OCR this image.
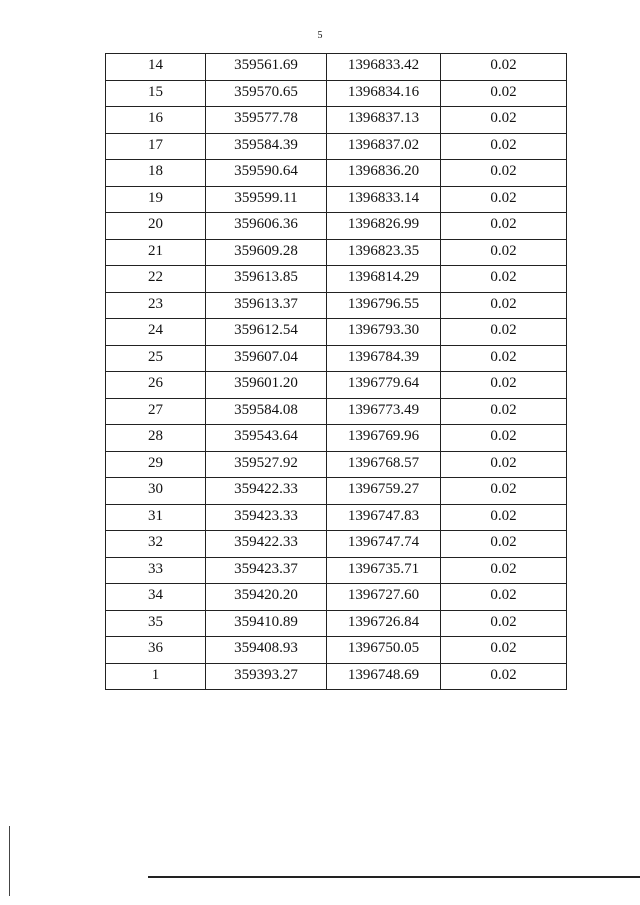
5
14	359561.69	1396833.42	0.02
15	359570.65	1396834.16	0.02
16	359577.78	1396837.13	0.02
17	359584.39	1396837.02	0.02
18	359590.64	1396836.20	0.02
19	359599.11	1396833.14	0.02
20	359606.36	1396826.99	0.02
21	359609.28	1396823.35	0.02
22	359613.85	1396814.29	0.02
23	359613.37	1396796.55	0.02
24	359612.54	1396793.30	0.02
25	359607.04	1396784.39	0.02
26	359601.20	1396779.64	0.02
27	359584.08	1396773.49	0.02
28	359543.64	1396769.96	0.02
29	359527.92	1396768.57	0.02
30	359422.33	1396759.27	0.02
31	359423.33	1396747.83	0.02
32	359422.33	1396747.74	0.02
33	359423.37	1396735.71	0.02
34	359420.20	1396727.60	0.02
35	359410.89	1396726.84	0.02
36	359408.93	1396750.05	0.02
1	359393.27	1396748.69	0.02
